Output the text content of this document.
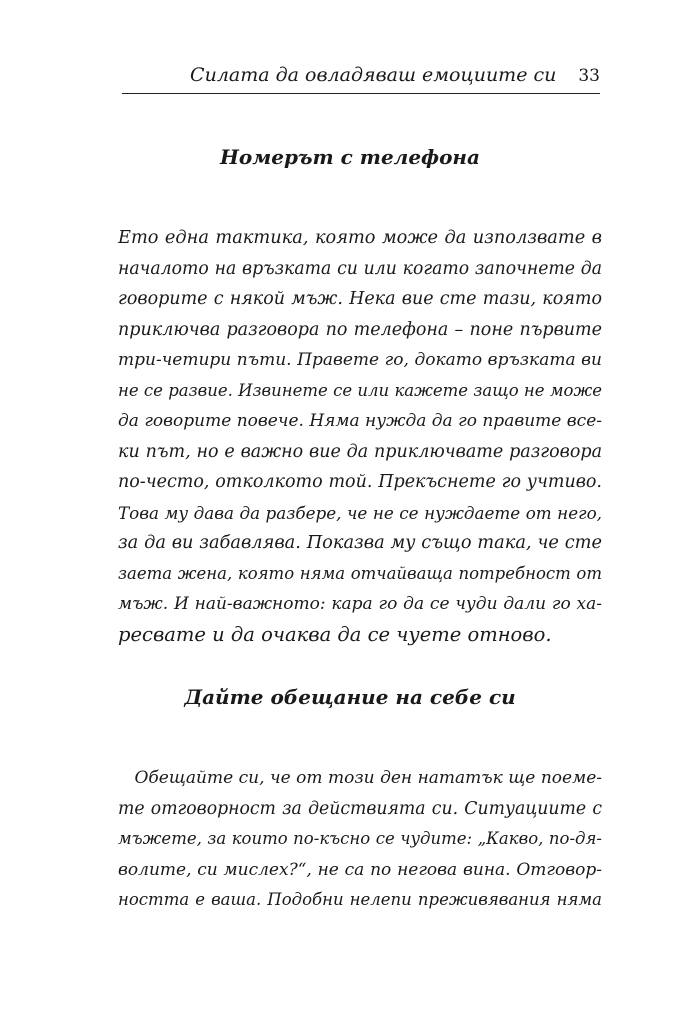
Силата да овладяваш емоциите си 33
Номерът с телефона
Ето една тактика, която може да използвате в
началото на връзката си или когато започнете да
говорите с някой мъж. Нека вие сте тази, която
приключва разговора по телефона – поне първите
три-четири пъти. Правете го, докато връзката ви
не се развие. Извинете се или кажете защо не може
да говорите повече. Няма нужда да го правите все-
ки път, но е важно вие да приключвате разговора
по-често, отколкото той. Прекъснете го учтиво.
Това му дава да разбере, че не се нуждаете от него,
за да ви забавлява. Показва му също така, че сте
заета жена, която няма отчайваща потребност от
мъж. И най-важното: кара го да се чуди дали го ха-
ресвате и да очаква да се чуете отново.
Дайте обещание на себе си
Обещайте си, че от този ден нататък ще поеме-
те отговорност за действията си. Ситуациите с
мъжете, за които по-късно се чудите: „Какво, по-дя-
волите, си мислех?“, не са по негова вина. Отговор-
ността е ваша. Подобни нелепи преживявания няма
